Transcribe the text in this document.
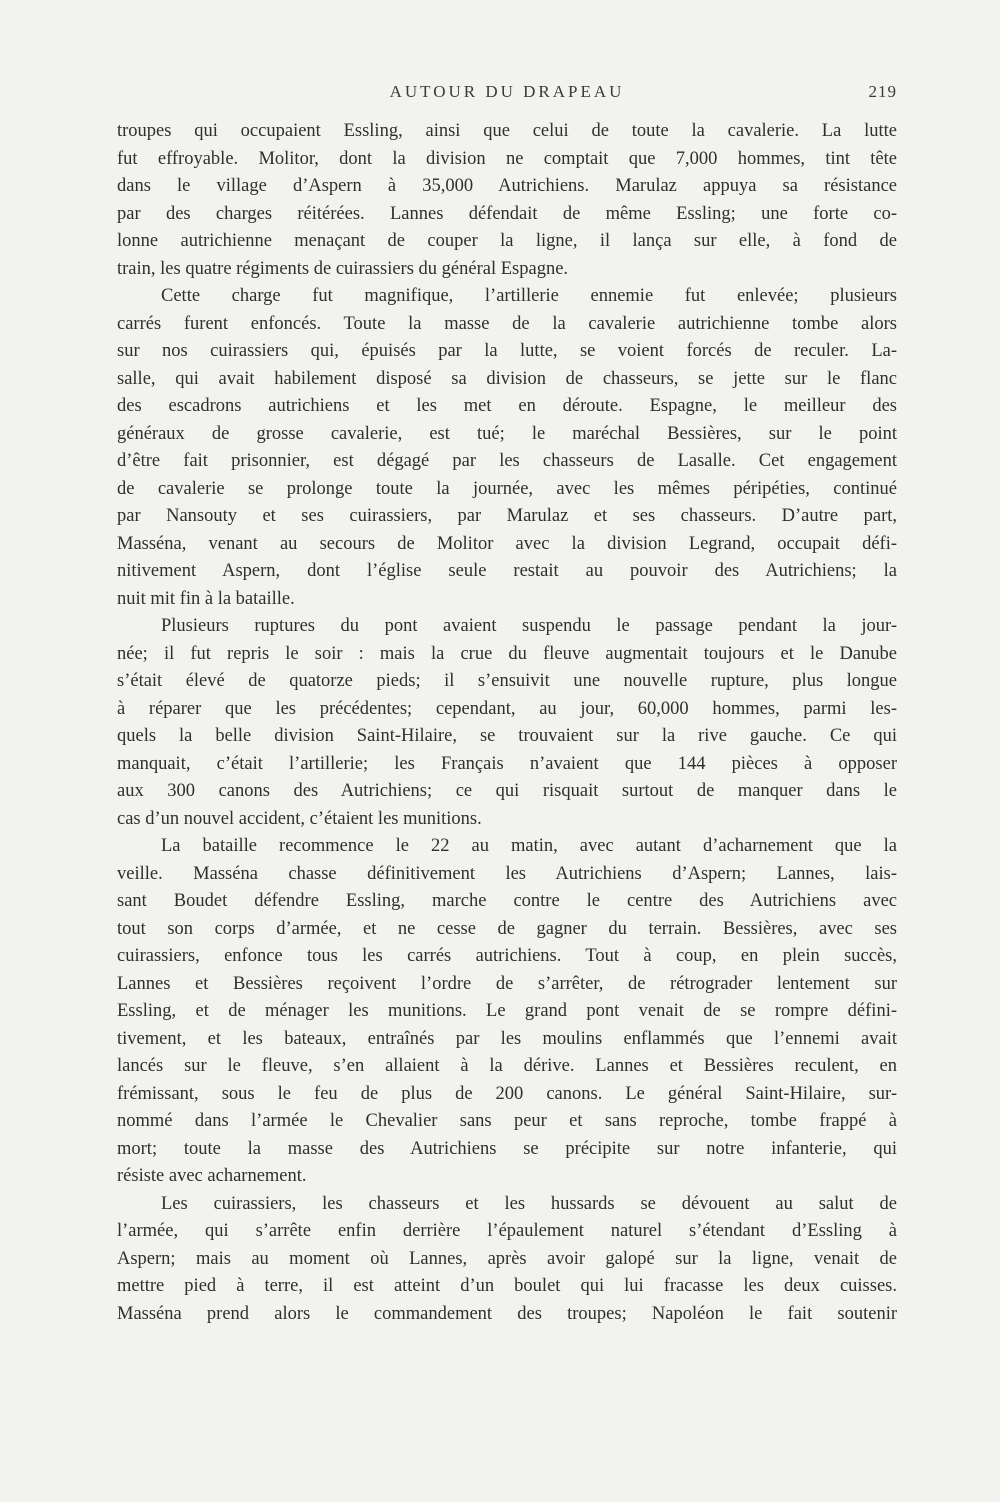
AUTOUR DU DRAPEAU	219
troupes qui occupaient Essling, ainsi que celui de toute la cavalerie. La lutte
fut effroyable. Molitor, dont la division ne comptait que 7,000 hommes, tint tête
dans le village d’Aspern à 35,000 Autrichiens. Marulaz appuya sa résistance
par des charges réitérées. Lannes défendait de même Essling; une forte co-
lonne autrichienne menaçant de couper la ligne, il lança sur elle, à fond de
train, les quatre régiments de cuirassiers du général Espagne.
Cette charge fut magnifique, l’artillerie ennemie fut enlevée; plusieurs
carrés furent enfoncés. Toute la masse de la cavalerie autrichienne tombe alors
sur nos cuirassiers qui, épuisés par la lutte, se voient forcés de reculer. La-
salle, qui avait habilement disposé sa division de chasseurs, se jette sur le flanc
des escadrons autrichiens et les met en déroute. Espagne, le meilleur des
généraux de grosse cavalerie, est tué; le maréchal Bessières, sur le point
d’être fait prisonnier, est dégagé par les chasseurs de Lasalle. Cet engagement
de cavalerie se prolonge toute la journée, avec les mêmes péripéties, continué
par Nansouty et ses cuirassiers, par Marulaz et ses chasseurs. D’autre part,
Masséna, venant au secours de Molitor avec la division Legrand, occupait défi-
nitivement Aspern, dont l’église seule restait au pouvoir des Autrichiens; la
nuit mit fin à la bataille.
Plusieurs ruptures du pont avaient suspendu le passage pendant la jour-
née; il fut repris le soir : mais la crue du fleuve augmentait toujours et le Danube
s’était élevé de quatorze pieds; il s’ensuivit une nouvelle rupture, plus longue
à réparer que les précédentes; cependant, au jour, 60,000 hommes, parmi les-
quels la belle division Saint-Hilaire, se trouvaient sur la rive gauche. Ce qui
manquait, c’était l’artillerie; les Français n’avaient que 144 pièces à opposer
aux 300 canons des Autrichiens; ce qui risquait surtout de manquer dans le
cas d’un nouvel accident, c’étaient les munitions.
La bataille recommence le 22 au matin, avec autant d’acharnement que la
veille. Masséna chasse définitivement les Autrichiens d’Aspern; Lannes, lais-
sant Boudet défendre Essling, marche contre le centre des Autrichiens avec
tout son corps d’armée, et ne cesse de gagner du terrain. Bessières, avec ses
cuirassiers, enfonce tous les carrés autrichiens. Tout à coup, en plein succès,
Lannes et Bessières reçoivent l’ordre de s’arrêter, de rétrograder lentement sur
Essling, et de ménager les munitions. Le grand pont venait de se rompre défini-
tivement, et les bateaux, entraînés par les moulins enflammés que l’ennemi avait
lancés sur le fleuve, s’en allaient à la dérive. Lannes et Bessières reculent, en
frémissant, sous le feu de plus de 200 canons. Le général Saint-Hilaire, sur-
nommé dans l’armée le Chevalier sans peur et sans reproche, tombe frappé à
mort; toute la masse des Autrichiens se précipite sur notre infanterie, qui
résiste avec acharnement.
Les cuirassiers, les chasseurs et les hussards se dévouent au salut de
l’armée, qui s’arrête enfin derrière l’épaulement naturel s’étendant d’Essling à
Aspern; mais au moment où Lannes, après avoir galopé sur la ligne, venait de
mettre pied à terre, il est atteint d’un boulet qui lui fracasse les deux cuisses.
Masséna prend alors le commandement des troupes; Napoléon le fait soutenir
